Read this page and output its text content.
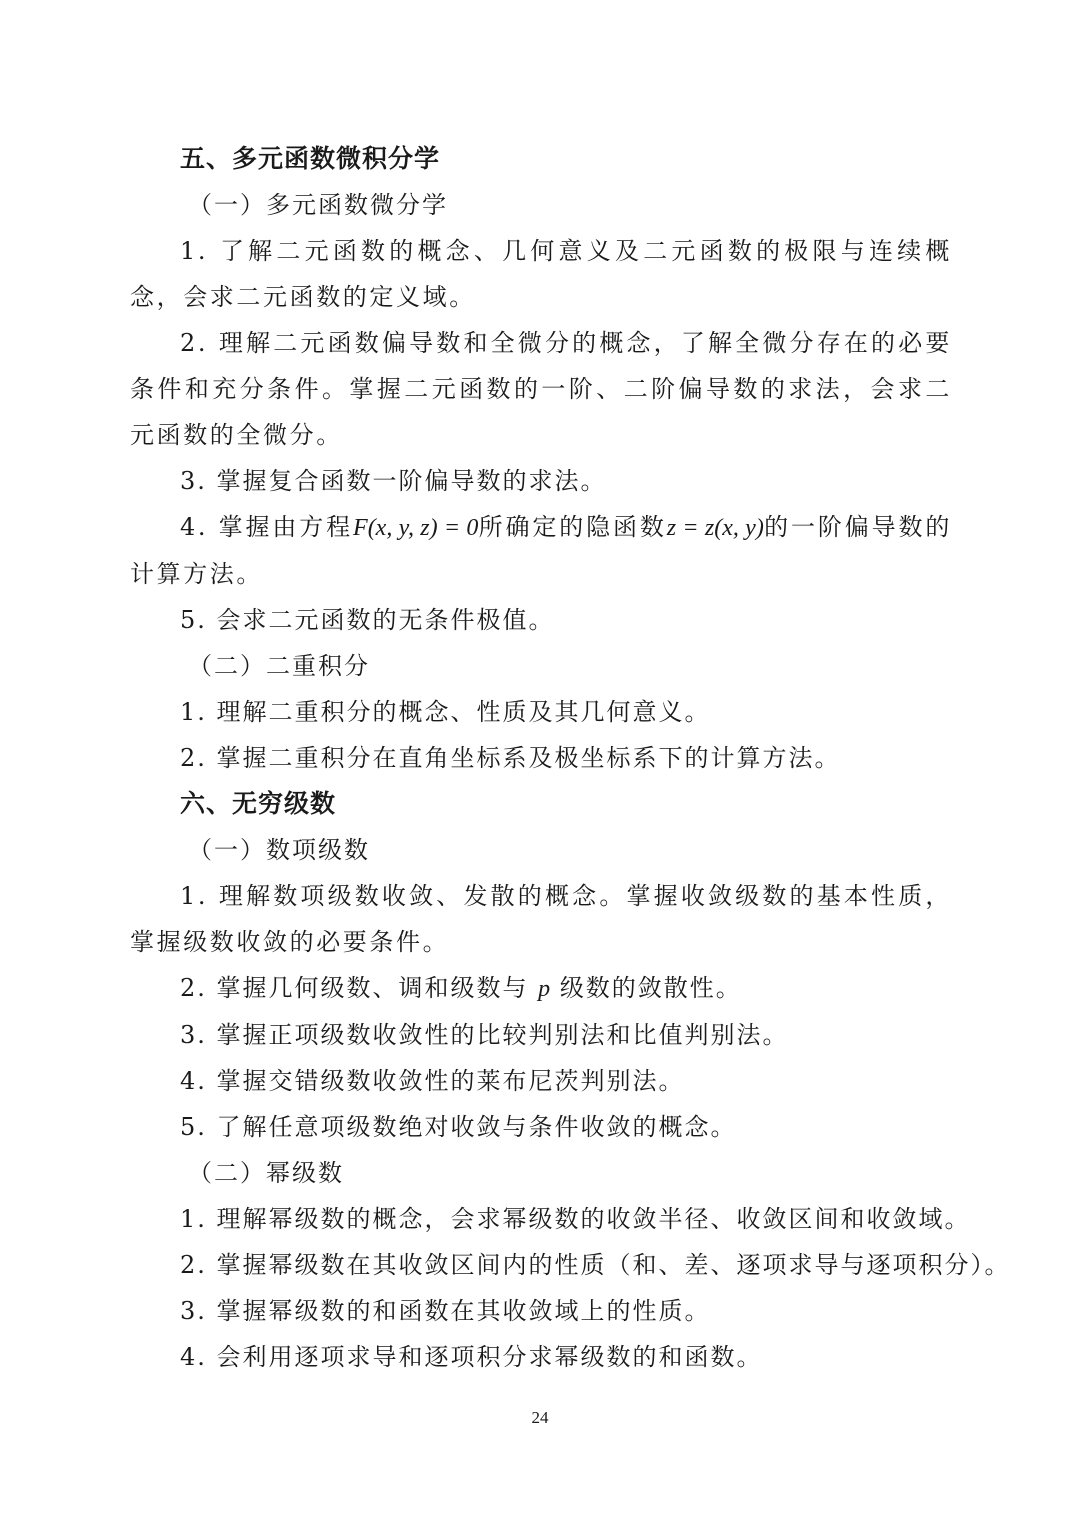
五、多元函数微积分学

（一）多元函数微分学

1. 了解二元函数的概念、几何意义及二元函数的极限与连续概念，会求二元函数的定义域。

2. 理解二元函数偏导数和全微分的概念，了解全微分存在的必要条件和充分条件。掌握二元函数的一阶、二阶偏导数的求法，会求二元函数的全微分。

3. 掌握复合函数一阶偏导数的求法。

4. 掌握由方程F(x, y, z) = 0所确定的隐函数z = z(x, y)的一阶偏导数的计算方法。

5. 会求二元函数的无条件极值。

（二）二重积分

1. 理解二重积分的概念、性质及其几何意义。

2. 掌握二重积分在直角坐标系及极坐标系下的计算方法。

六、无穷级数

（一）数项级数

1. 理解数项级数收敛、发散的概念。掌握收敛级数的基本性质，掌握级数收敛的必要条件。

2. 掌握几何级数、调和级数与 p 级数的敛散性。

3. 掌握正项级数收敛性的比较判别法和比值判别法。

4. 掌握交错级数收敛性的莱布尼茨判别法。

5. 了解任意项级数绝对收敛与条件收敛的概念。

（二）幂级数

1. 理解幂级数的概念，会求幂级数的收敛半径、收敛区间和收敛域。

2. 掌握幂级数在其收敛区间内的性质（和、差、逐项求导与逐项积分）。

3. 掌握幂级数的和函数在其收敛域上的性质。

4. 会利用逐项求导和逐项积分求幂级数的和函数。

24
